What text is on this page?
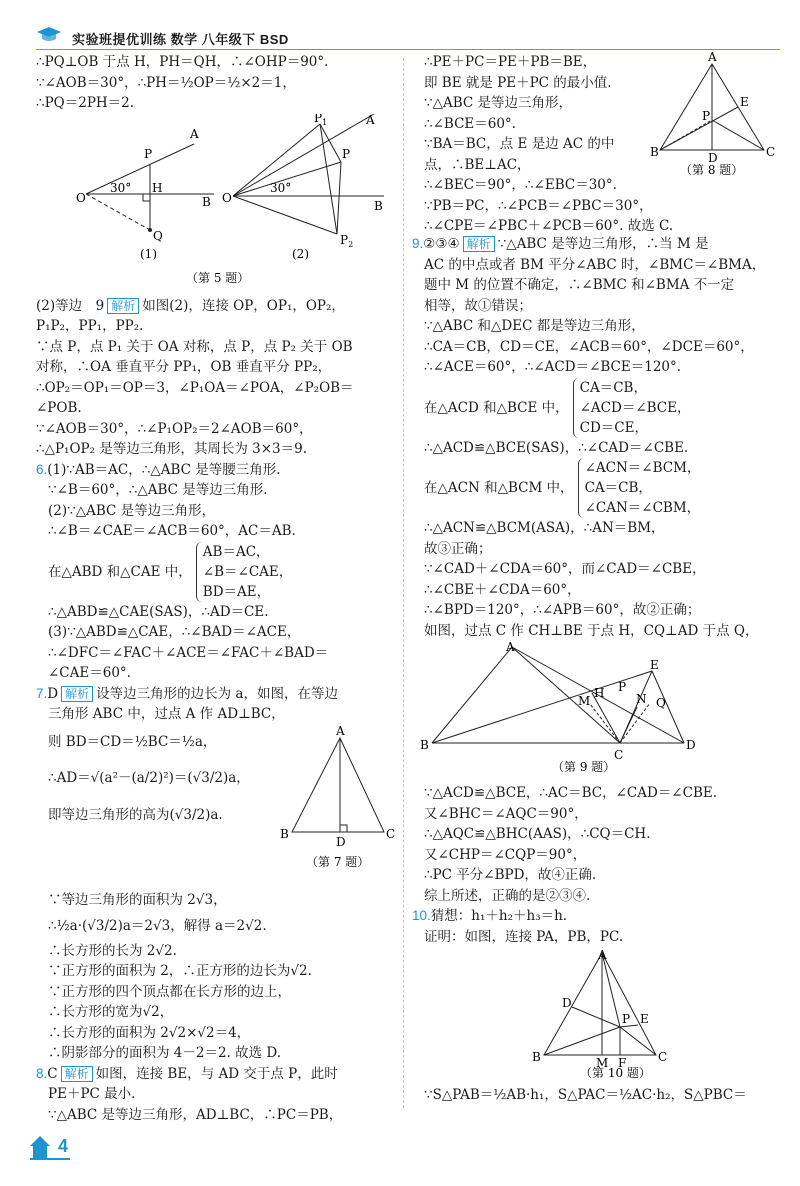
实验班提优训练 数学 八年级下 BSD
∴PQ⊥OB 于点 H，PH＝QH，∴∠OHP＝90°.
∵∠AOB＝30°，∴PH＝½OP＝½×2＝1，
∴PQ＝2PH＝2.
A
P
H
O	B
Q
30°
(1)
A
$P_1$
P
O
B
$P_2$
30°
(2)
（第 5 题）
(2)等边　9 解析 如图(2)，连接 OP，OP₁，OP₂，
P₁P₂，PP₁，PP₂.
∵点 P，点 P₁ 关于 OA 对称，点 P，点 P₂ 关于 OB
对称，∴OA 垂直平分 PP₁，OB 垂直平分 PP₂，
∴OP₂＝OP₁＝OP＝3，∠P₁OA＝∠POA，∠P₂OB＝
∠POB.
∵∠AOB＝30°，∴∠P₁OP₂＝2∠AOB＝60°，
∴△P₁OP₂ 是等边三角形，其周长为 3×3＝9.
6.(1)∵AB＝AC，∴△ABC 是等腰三角形.
∵∠B＝60°，∴△ABC 是等边三角形.
(2)∵△ABC 是等边三角形，
∴∠B＝∠CAE＝∠ACB＝60°，AC＝AB.
在△ABD 和△CAE 中，
AB＝AC，
∠B＝∠CAE，
BD＝AE，
∴△ABD≌△CAE(SAS)，∴AD＝CE.
(3)∵△ABD≌△CAE，∴∠BAD＝∠ACE，
∴∠DFC＝∠FAC＋∠ACE＝∠FAC＋∠BAD＝
∠CAE＝60°.
7.D 解析 设等边三角形的边长为 a，如图，在等边
三角形 ABC 中，过点 A 作 AD⊥BC，
则 BD＝CD＝½BC＝½a，
∴AD＝√(a²－(a/2)²)＝(√3/2)a，
即等边三角形的高为(√3/2)a.
A
B	C
D
（第 7 题）
∵等边三角形的面积为 2√3，
∴½a·(√3/2)a＝2√3，解得 a＝2√2.
∴长方形的长为 2√2.
∵正方形的面积为 2，∴正方形的边长为√2.
∵正方形的四个顶点都在长方形的边上，
∴长方形的宽为√2，
∴长方形的面积为 2√2×√2＝4，
∴阴影部分的面积为 4－2＝2. 故选 D.
8.C 解析 如图，连接 BE，与 AD 交于点 P，此时
PE＋PC 最小.
∵△ABC 是等边三角形，AD⊥BC，∴PC＝PB，
∴PE＋PC＝PE＋PB＝BE，
即 BE 就是 PE＋PC 的最小值.
∵△ABC 是等边三角形，
∴∠BCE＝60°.
∵BA＝BC，点 E 是边 AC 的中
点，∴BE⊥AC，
∴∠BEC＝90°，∴∠EBC＝30°.
∵PB＝PC，∴∠PCB＝∠PBC＝30°，
∴∠CPE＝∠PBC＋∠PCB＝60°. 故选 C.
A
B	C
D
E
P
（第 8 题）
9.②③④ 解析 ∵△ABC 是等边三角形，∴当 M 是
AC 的中点或者 BM 平分∠ABC 时，∠BMC＝∠BMA，
题中 M 的位置不确定，∴∠BMC 和∠BMA 不一定
相等，故①错误；
∵△ABC 和△DEC 都是等边三角形，
∴CA＝CB，CD＝CE，∠ACB＝60°，∠DCE＝60°，
∴∠ACE＝60°，∴∠ACD＝∠BCE＝120°.
在△ACD 和△BCE 中，
CA＝CB，
∠ACD＝∠BCE，
CD＝CE，
∴△ACD≌△BCE(SAS)，∴∠CAD＝∠CBE.
在△ACN 和△BCM 中，
∠ACN＝∠BCM，
CA＝CB，
∠CAN＝∠CBM，
∴△ACN≌△BCM(ASA)，∴AN＝BM，
故③正确；
∵∠CAD＋∠CDA＝60°，而∠CAD＝∠CBE，
∴∠CBE＋∠CDA＝60°，
∴∠BPD＝120°，∴∠APB＝60°，故②正确；
如图，过点 C 作 CH⊥BE 于点 H，CQ⊥AD 于点 Q，
A
B
C
D
E
P
M
H	N Q
（第 9 题）
∵△ACD≌△BCE，∴AC＝BC，∠CAD＝∠CBE.
又∠BHC＝∠AQC＝90°，
∴△AQC≌△BHC(AAS)，∴CQ＝CH.
又∠CHP＝∠CQP＝90°，
∴PC 平分∠BPD，故④正确.
综上所述，正确的是②③④.
10.猜想：h₁＋h₂＋h₃＝h.
证明：如图，连接 PA，PB，PC.
A
B	C
D
E
P
M F
（第 10 题）
∵S△PAB＝½AB·h₁，S△PAC＝½AC·h₂，S△PBC＝
4
